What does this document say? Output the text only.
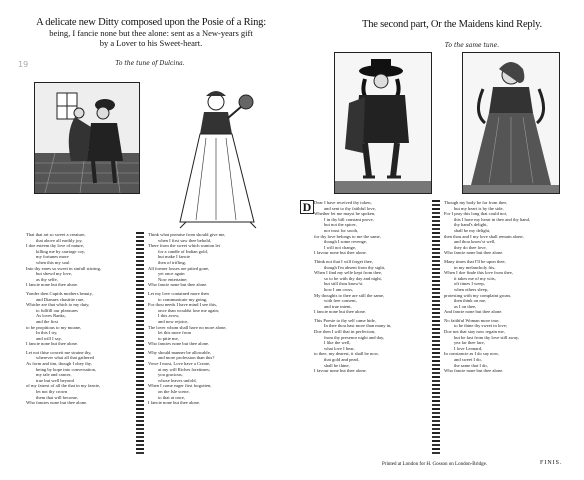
19
A delicate new Ditty composed upon the Posie of a Ring:
being, I fancie none but thee alone: sent as a New-years gift
by a Lover to his Sweet-heart.
To the tune of Dulcina.
That that art so sweet a creature,
that above all earthly joy,
I doe esteem thy love of nature,
killing me by carriage coy,
my fortunes more
when this my soul
Into thy eares so sweet in sinfull stirring,
but shewd my love,
as thy selfe,
I fancie none but thee alone.
Yonder then Cupids mothers beauty,
and Dianaes chastitie rare,
Whiche are that which to my duty,
to fullfill our pleasures
As loves Ranks,
and the first
to be propitious to my moane,
In this I try,
and will I say,
I fancie none but thee alone.
Let not thise conceit me straine thy,
wherever what all that gathered
As form and tim, though I obey thy,
being by hope into conversation,
my tale and cancer,
true but well beyond
of my fairest of all the that in my fancie,
let not thy crown
them that will become,
Who fancies none but thee alone.
Think what promise from should give me,
when I first saw thee behold,
There from the sweet which wanton let
for a candle of Indian gold,
but make I fancie
then of trifling,
All former losses are pitied gone,
yet once again
Now entertaine;
Who fancie none but thee alone.
Let my love contained more then
to communicate my going,
For thou needs I have mind I see this,
once than wouldst lose me again;
I this avow,
and now rejoice,
The lover whom shall have no more alone,
let this more from
to pitie me,
Who fancies none but thee alone.
Why should manner be allowable,
and more profession than this?
Vowe I most, Love have a Create,
at my will Riches foretimes;
you gracious,
whose leaves unfold,
When I come eager first forgotten,
on the Isle scene,
to that at once,
I fancie none but thee alone.
The second part, Or the Maidens kind Reply.
To the same tune.
D Dear I have received thy token,
and sent to thy faithful love,
Whether let me mayst be spoken,
I in thy bill constant prove,
but not the spicer,
nor trust for sooth,
for thy love belongs to me the same,
though I some revenge,
I will not change,
I favour none but thee alone.
Think not that I will forget thee,
though I'm absent from thy sight,
When I find my selfe kept from thee,
so to be with thy day and night,
but still thou know'st
how I am cross,
My thoughts to thee are still the same,
with free consent,
and true intent,
I fancie none but thee alone.
This Poesie to thy self came hide,
In thee thou hast more than many in,
Doe then I will that in perfection,
from thy presence night and day,
I like the well,
what love I bear,
to thee, my dearest, it shall be now,
that gold and pearl,
shall be thine,
I favour none but thee alone.
Though my body be far from thee,
but my heart is by the side,
For I pray this long that could not,
this I have my heart in thee and thy hand,
thy hand's delight,
shall be my delight,
then thou and I my love shall remain alone,
and thou know'st well,
they do thee love,
Who fancie none but thee alone.
Many times that I'll be upon thee,
in my melancholy fits,
When I doe finde this love from thee,
it takes me of my wits,
oft times I weep,
when others sleep,
protesting with my complaint groan,
then think on me,
as I on thee,
And fancie none but thee alone.
No faithful Woman more true,
to be thine thy sweet in love;
Doe not that stay now regain me,
but be fast from thy love still away,
yea far thee fare,
I love Leonard,
In constancie as I do say now,
and sweet I do,
the same that I do,
Who fancie none but thee alone.
Printed at London for H. Gosson on London-Bridge.	FINIS.
